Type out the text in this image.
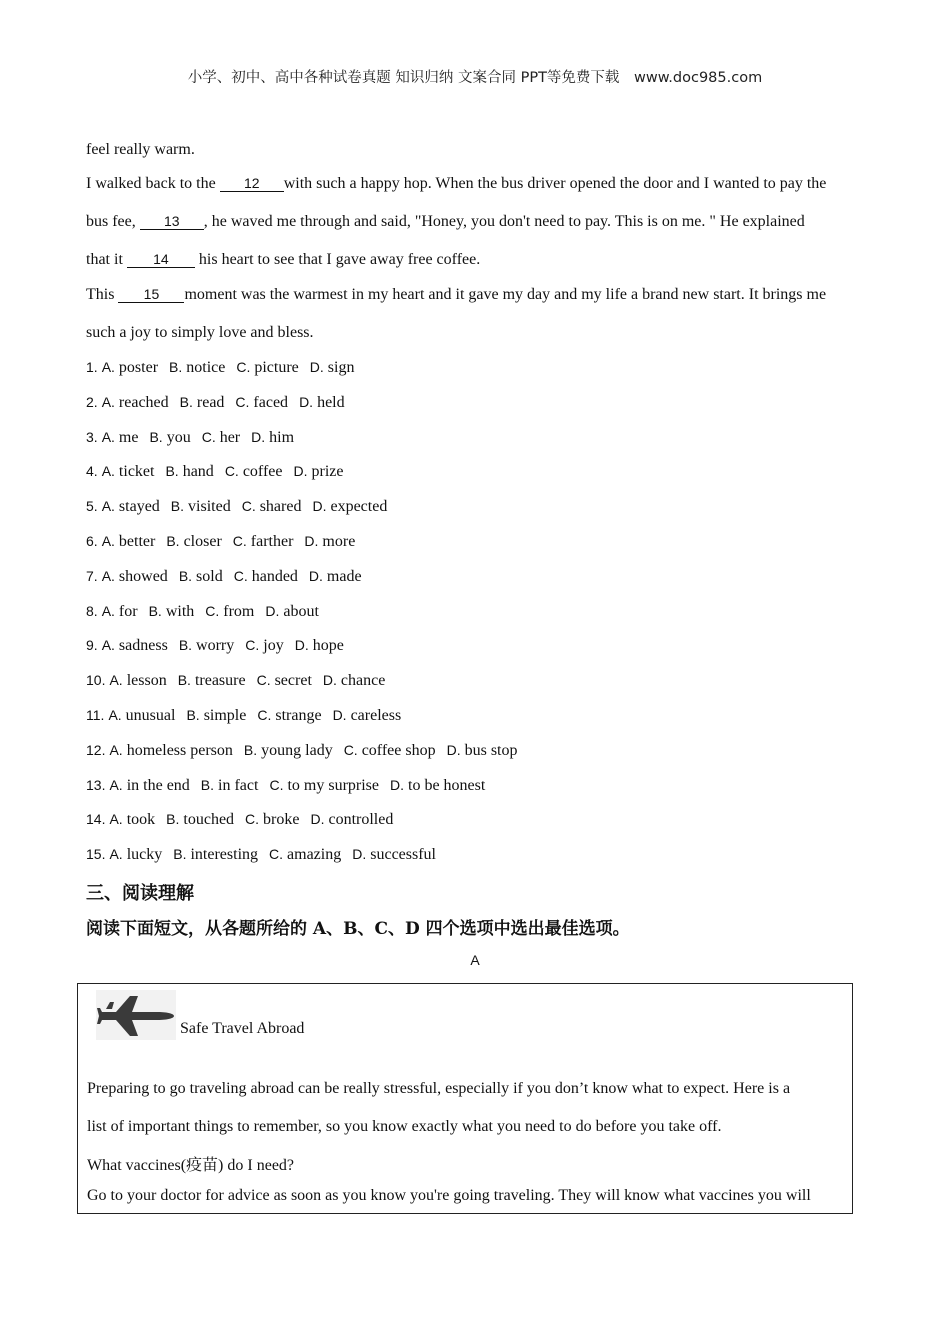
小学、初中、高中各种试卷真题 知识归纳 文案合同 PPT等免费下载 www.doc985.com
feel really warm.
I walked back to the 12 with such a happy hop. When the bus driver opened the door and I wanted to pay the
bus fee, 13 , he waved me through and said, "Honey, you don't need to pay. This is on me. " He explained
that it 14 his heart to see that I gave away free coffee.
This 15 moment was the warmest in my heart and it gave my day and my life a brand new start. It brings me
such a joy to simply love and bless.
1. A. poster B. notice C. picture D. sign
2. A. reached B. read C. faced D. held
3. A. me B. you C. her D. him
4. A. ticket B. hand C. coffee D. prize
5. A. stayed B. visited C. shared D. expected
6. A. better B. closer C. farther D. more
7. A. showed B. sold C. handed D. made
8. A. for B. with C. from D. about
9. A. sadness B. worry C. joy D. hope
10. A. lesson B. treasure C. secret D. chance
11. A. unusual B. simple C. strange D. careless
12. A. homeless person B. young lady C. coffee shop D. bus stop
13. A. in the end B. in fact C. to my surprise D. to be honest
14. A. took B. touched C. broke D. controlled
15. A. lucky B. interesting C. amazing D. successful
三、阅读理解
阅读下面短文，从各题所给的 A、B、C、D 四个选项中选出最佳选项。
A
Safe Travel Abroad
Preparing to go traveling abroad can be really stressful, especially if you don’t know what to expect. Here is a
list of important things to remember, so you know exactly what you need to do before you take off.
What vaccines(疫苗) do I need?
Go to your doctor for advice as soon as you know you're going traveling. They will know what vaccines you will
